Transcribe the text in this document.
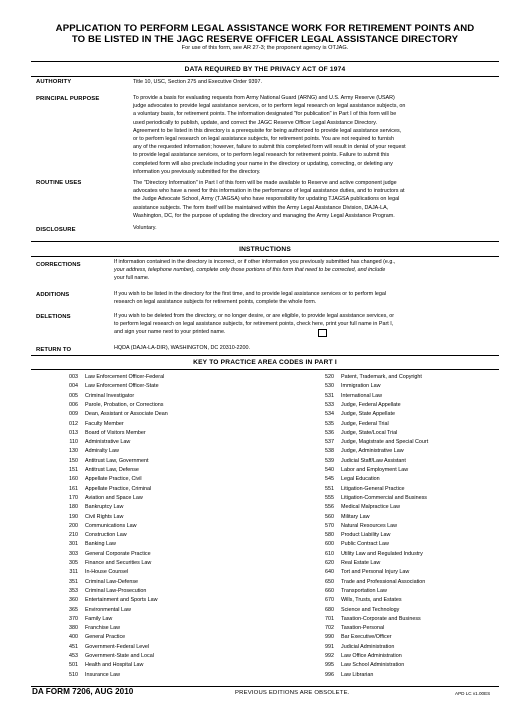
APPLICATION TO PERFORM LEGAL ASSISTANCE WORK FOR RETIREMENT POINTS AND
TO BE LISTED IN THE JAGC RESERVE OFFICER LEGAL ASSISTANCE DIRECTORY
For use of this form, see AR 27-3; the proponent agency is OTJAG.
DATA REQUIRED BY THE PRIVACY ACT OF 1974
AUTHORITY	Title 10, USC, Section 275 and Executive Order 9397.
PRINCIPAL PURPOSE	To provide a basis for evaluating requests from Army National Guard (ARNG) and U.S. Army Reserve (USAR)
judge advocates to provide legal assistance services, or to perform legal research on legal assistance subjects, on
a voluntary basis, for retirement points. The information designated "for publication" in Part I of this form will be
used periodically to publish, update, and correct the JAGC Reserve Officer Legal Assistance Directory.
Agreement to be listed in this directory is a prerequisite for being authorized to provide legal assistance services,
or to perform legal research on legal assistance subjects, for retirement points. You are not required to furnish
any of the requested information; however, failure to submit this completed form will result in denial of your request
to provide legal assistance services, or to perform legal research for retirement points. Failure to submit this
completed form will also preclude including your name in the directory or updating, correcting, or deleting any
information you previously submitted for the directory.
ROUTINE USES	The "Directory Information" in Part I of this form will be made available to Reserve and active component judge
advocates who have a need for this information in the performance of legal assistance duties, and to instructors at
the Judge Advocate School, Army (TJAGSA) who have responsibility for updating TJAGSA publications on legal
assistance subjects. The form itself will be maintained within the Army Legal Assistance Division, DAJA-LA,
Washington, DC, for the purpose of updating the directory and managing the Army Legal Assistance Program.
DISCLOSURE	Voluntary.
INSTRUCTIONS
CORRECTIONS	If information contained in the directory is incorrect, or if other information you previously submitted has changed (e.g.,
your address, telephone number), complete only those portions of this form that need to be corrected, and include
your full name.
ADDITIONS	If you wish to be listed in the directory for the first time, and to provide legal assistance services or to perform legal
research on legal assistance subjects for retirement points, complete the whole form.
DELETIONS	If you wish to be deleted from the directory, or no longer desire, or are eligible, to provide legal assistance services, or
to perform legal research on legal assistance subjects, for retirement points, check here, print your full name in Part I,
and sign your name next to your printed name.
RETURN TO	HQDA (DAJA-LA-DIR), WASHINGTON, DC 20310-2200.
KEY TO PRACTICE AREA CODES IN PART I
003 Law Enforcement Officer-Federal
004 Law Enforcement Officer-State
005 Criminal Investigator
006 Parole, Probation, or Corrections
009 Dean, Assistant or Associate Dean
012 Faculty Member
013 Board of Visitors Member
110 Administrative Law
130 Admiralty Law
150 Antitrust Law, Government
151 Antitrust Law, Defense
160 Appellate Practice, Civil
161 Appellate Practice, Criminal
170 Aviation and Space Law
180 Bankruptcy Law
190 Civil Rights Law
200 Communications Law
210 Construction Law
301 Banking Law
303 General Corporate Practice
305 Finance and Securities Law
311 In-House Counsel
351 Criminal Law-Defense
353 Criminal Law-Prosecution
360 Entertainment and Sports Law
365 Environmental Law
370 Family Law
380 Franchise Law
400 General Practice
451 Government-Federal Level
453 Government-State and Local
501 Health and Hospital Law
510 Insurance Law
520 Patent, Trademark, and Copyright
530 Immigration Law
531 International Law
533 Judge, Federal Appellate
534 Judge, State Appellate
535 Judge, Federal Trial
536 Judge, State/Local Trial
537 Judge, Magistrate and Special Court
538 Judge, Administrative Law
539 Judicial Staff/Law Assistant
540 Labor and Employment Law
545 Legal Education
551 Litigation-General Practice
555 Litigation-Commercial and Business
556 Medical Malpractice Law
560 Military Law
570 Natural Resources Law
580 Product Liability Law
600 Public Contract Law
610 Utility Law and Regulated Industry
620 Real Estate Law
640 Tort and Personal Injury Law
650 Trade and Professional Association
660 Transportation Law
670 Wills, Trusts, and Estates
680 Science and Technology
701 Taxation-Corporate and Business
702 Taxation-Personal
990 Bar Executive/Officer
991 Judicial Administration
992 Law Office Administration
995 Law School Administration
996 Law Librarian
DA FORM 7206, AUG 2010	PREVIOUS EDITIONS ARE OBSOLETE.	APD LC v1.00ES
